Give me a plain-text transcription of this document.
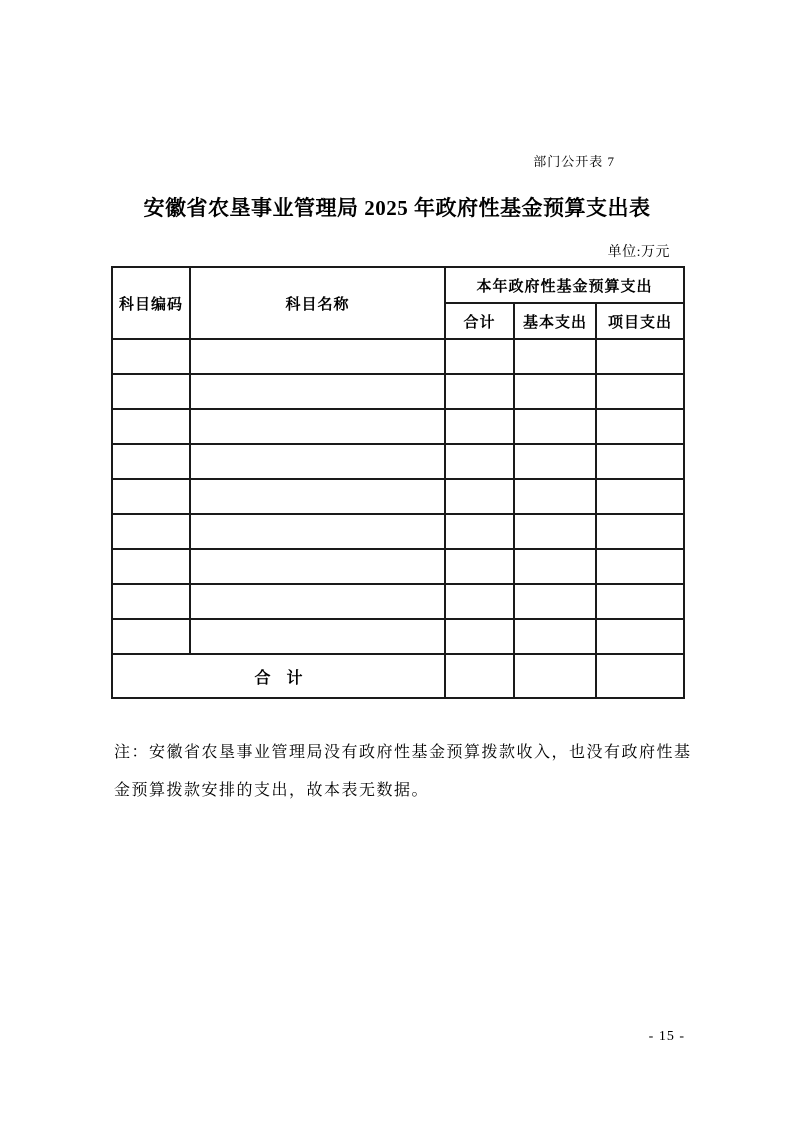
部门公开表 7
安徽省农垦事业管理局 2025 年政府性基金预算支出表
单位:万元
科目编码	科目名称	本年政府性基金预算支出		
		合计	基本支出	项目支出

合　计				
注：安徽省农垦事业管理局没有政府性基金预算拨款收入，也没有政府性基
金预算拨款安排的支出，故本表无数据。
- 15 -
